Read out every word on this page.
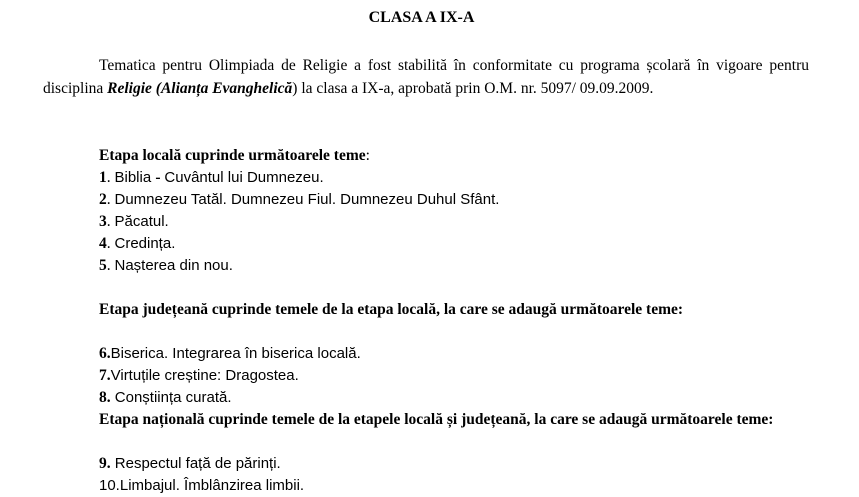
CLASA A IX-A
Tematica pentru Olimpiada de Religie a fost stabilită în conformitate cu programa școlară în vigoare pentru disciplina Religie (Alianța Evanghelică) la clasa a IX-a, aprobată prin O.M. nr. 5097/ 09.09.2009.
Etapa locală cuprinde următoarele teme:
1. Biblia - Cuvântul lui Dumnezeu.
2. Dumnezeu Tatăl. Dumnezeu Fiul. Dumnezeu Duhul Sfânt.
3. Păcatul.
4. Credința.
5. Nașterea din nou.
Etapa județeană cuprinde temele de la etapa locală, la care se adaugă următoarele teme:
6.Biserica. Integrarea în biserica locală.
7.Virtuțile creștine: Dragostea.
8. Conștiința curată.
Etapa națională cuprinde temele de la etapele locală și județeană, la care se adaugă următoarele teme:
9. Respectul față de părinți.
10.Limbajul. Îmblânzirea limbii.
